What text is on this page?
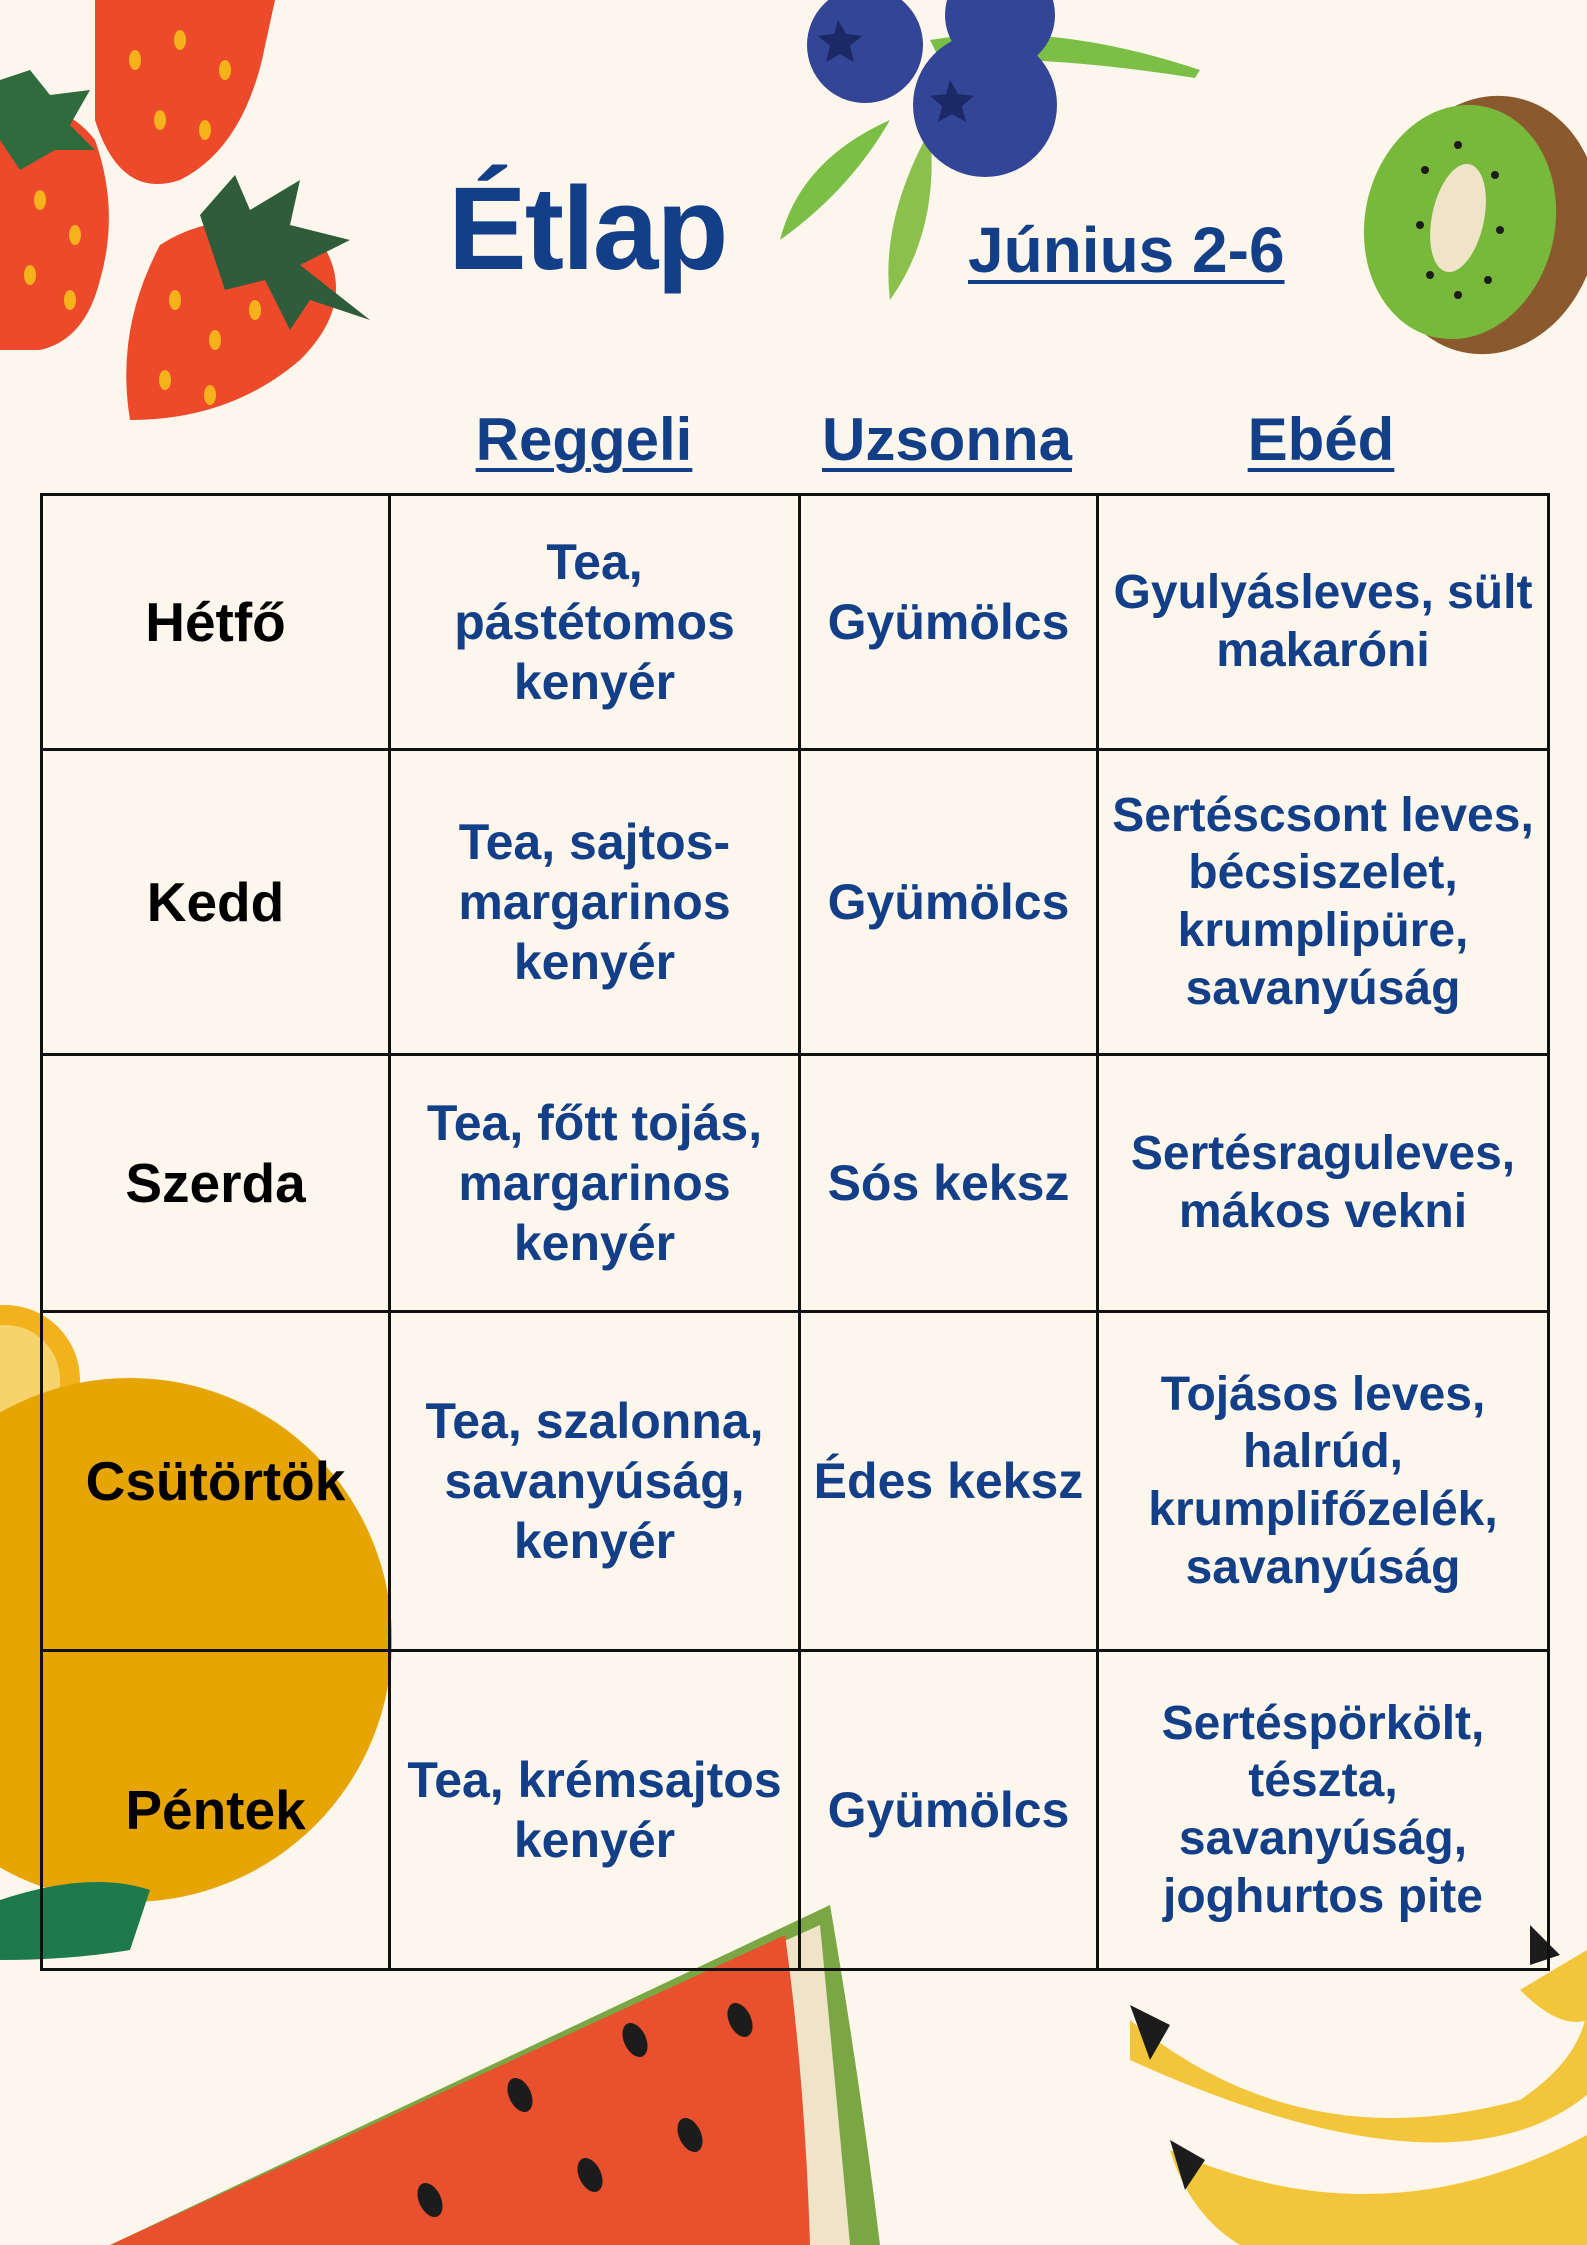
Étlap	Június 2-6
Reggeli	Uzsonna	Ebéd
Hétfő	Tea, pástétomos kenyér	Gyümölcs	Gyulyásleves, sült makaróni
Kedd	Tea, sajtos-margarinos kenyér	Gyümölcs	Sertéscsont leves, bécsiszelet, krumplipüre, savanyúság
Szerda	Tea, főtt tojás, margarinos kenyér	Sós keksz	Sertésraguleves, mákos vekni
Csütörtök	Tea, szalonna, savanyúság, kenyér	Édes keksz	Tojásos leves, halrúd, krumplifőzelék, savanyúság
Péntek	Tea, krémsajtos kenyér	Gyümölcs	Sertéspörkölt, tészta, savanyúság, joghurtos pite
